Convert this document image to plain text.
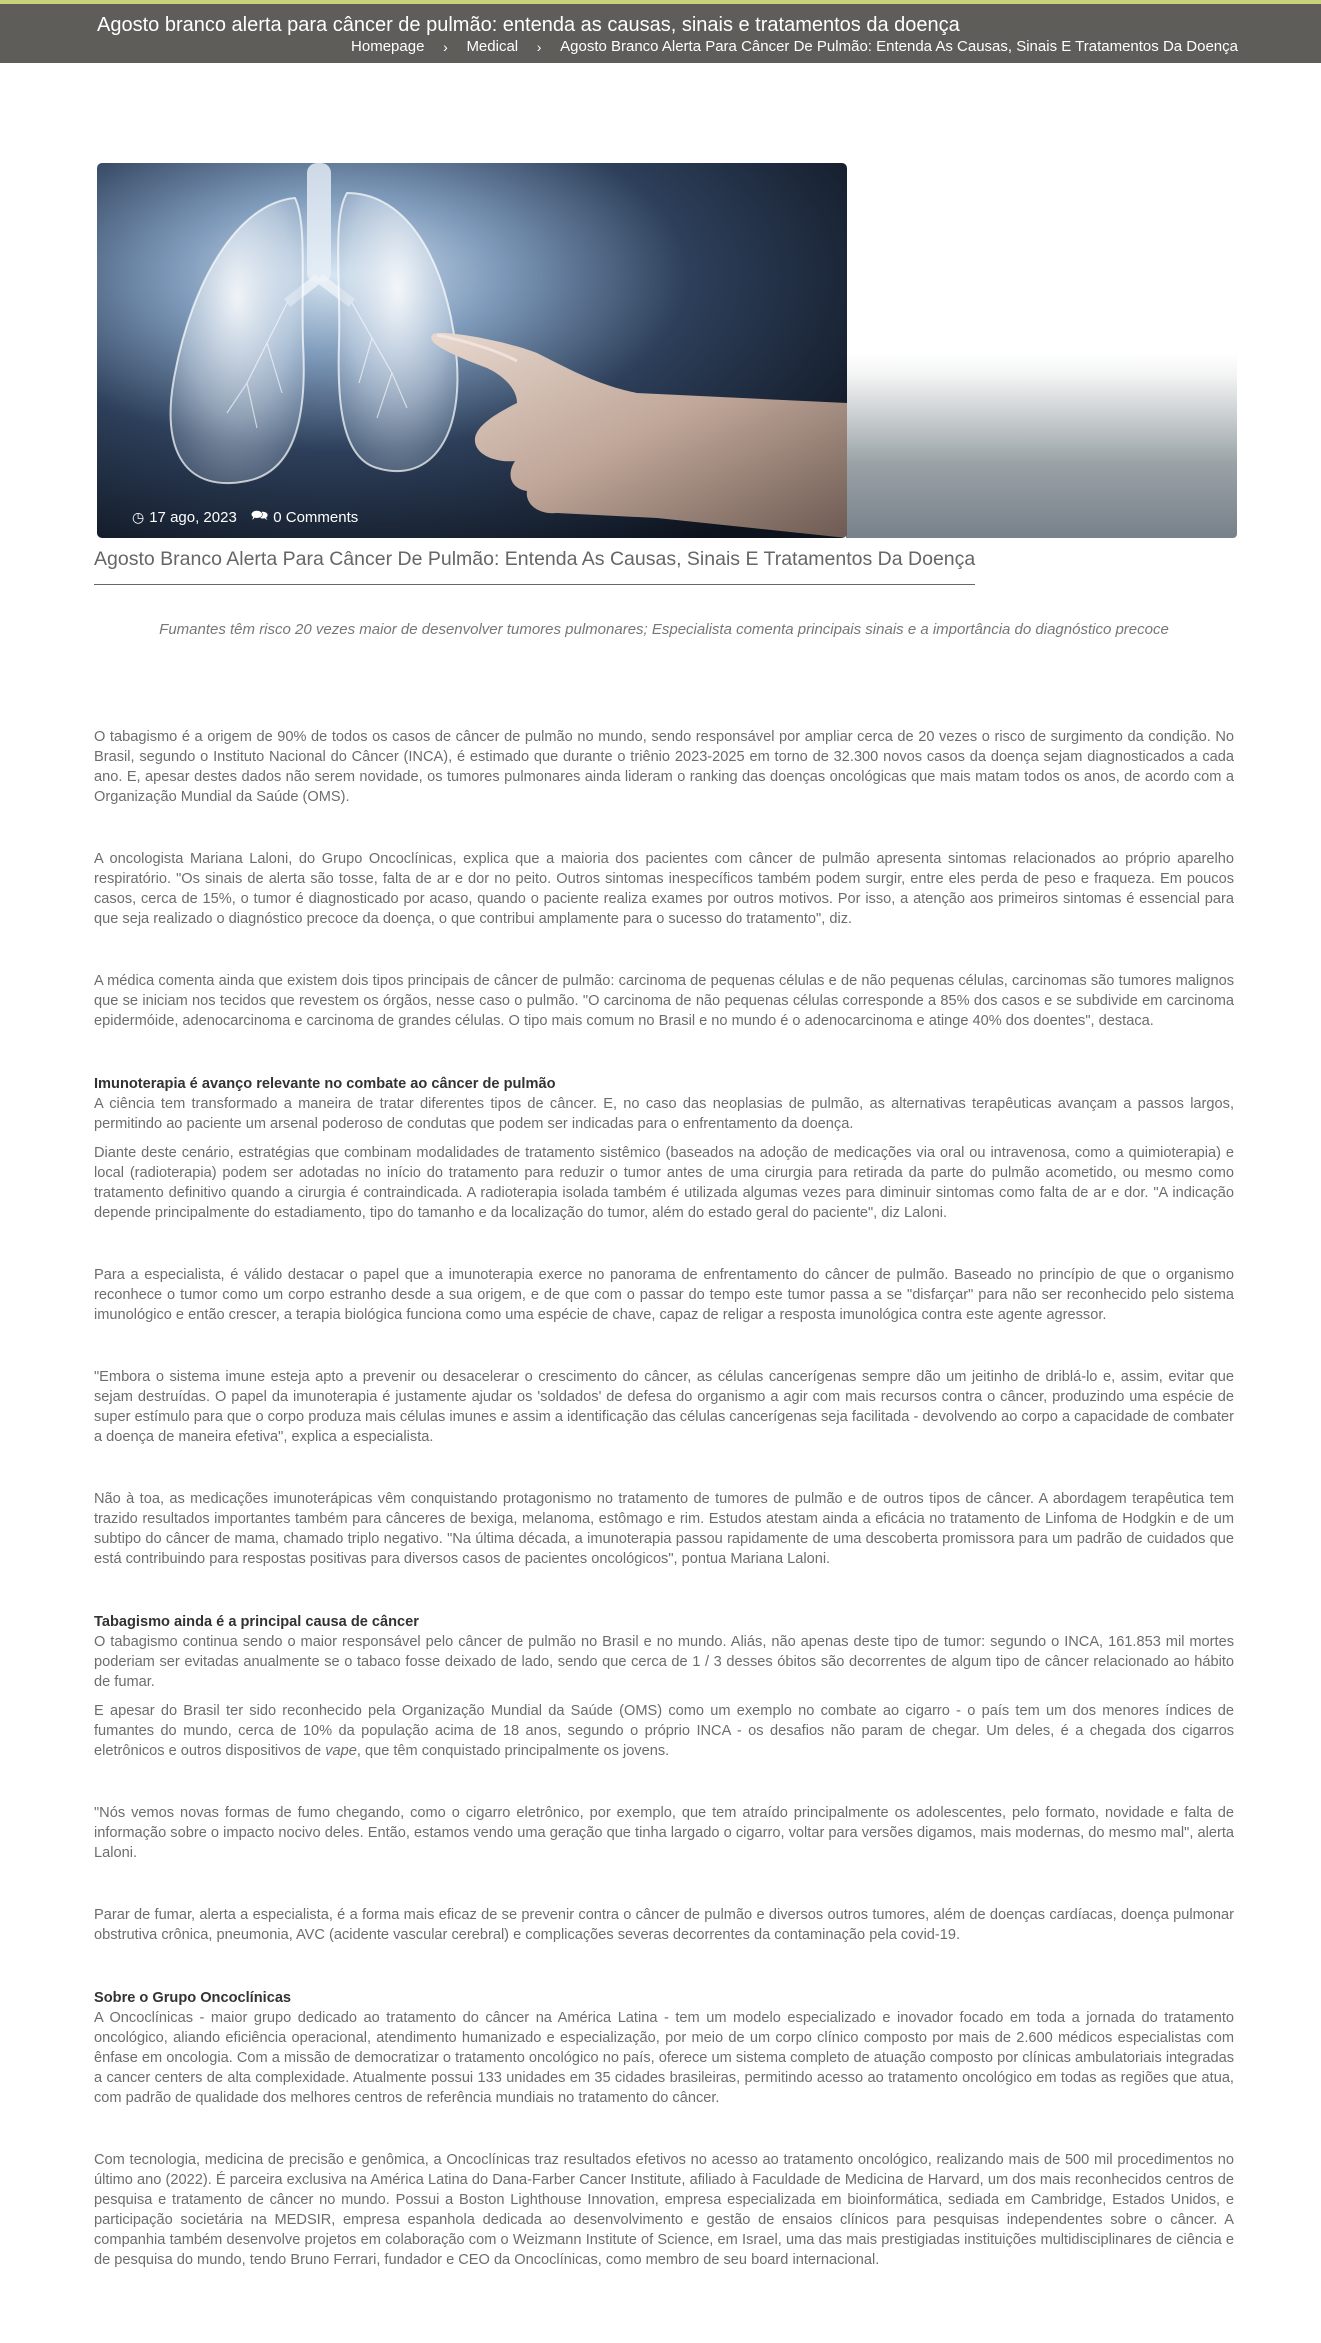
Agosto branco alerta para câncer de pulmão: entenda as causas, sinais e tratamentos da doença
Homepage	›	Medical	›	Agosto Branco Alerta Para Câncer De Pulmão: Entenda As Causas, Sinais E Tratamentos Da Doença
◷ 17 ago, 2023 🗪︎ 0 Comments
Agosto Branco Alerta Para Câncer De Pulmão: Entenda As Causas, Sinais E Tratamentos Da Doença
Fumantes têm risco 20 vezes maior de desenvolver tumores pulmonares; Especialista comenta principais sinais e a importância do diagnóstico precoce

O tabagismo é a origem de 90% de todos os casos de câncer de pulmão no mundo, sendo responsável por ampliar cerca de 20 vezes o risco de surgimento da condição. No Brasil, segundo o Instituto Nacional do Câncer (INCA), é estimado que durante o triênio 2023-2025 em torno de 32.300 novos casos da doença sejam diagnosticados a cada ano. E, apesar destes dados não serem novidade, os tumores pulmonares ainda lideram o ranking das doenças oncológicas que mais matam todos os anos, de acordo com a Organização Mundial da Saúde (OMS).

A oncologista Mariana Laloni, do Grupo Oncoclínicas, explica que a maioria dos pacientes com câncer de pulmão apresenta sintomas relacionados ao próprio aparelho respiratório. "Os sinais de alerta são tosse, falta de ar e dor no peito. Outros sintomas inespecíficos também podem surgir, entre eles perda de peso e fraqueza. Em poucos casos, cerca de 15%, o tumor é diagnosticado por acaso, quando o paciente realiza exames por outros motivos. Por isso, a atenção aos primeiros sintomas é essencial para que seja realizado o diagnóstico precoce da doença, o que contribui amplamente para o sucesso do tratamento", diz.

A médica comenta ainda que existem dois tipos principais de câncer de pulmão: carcinoma de pequenas células e de não pequenas células, carcinomas são tumores malignos que se iniciam nos tecidos que revestem os órgãos, nesse caso o pulmão. "O carcinoma de não pequenas células corresponde a 85% dos casos e se subdivide em carcinoma epidermóide, adenocarcinoma e carcinoma de grandes células. O tipo mais comum no Brasil e no mundo é o adenocarcinoma e atinge 40% dos doentes", destaca.

Imunoterapia é avanço relevante no combate ao câncer de pulmão

A ciência tem transformado a maneira de tratar diferentes tipos de câncer. E, no caso das neoplasias de pulmão, as alternativas terapêuticas avançam a passos largos, permitindo ao paciente um arsenal poderoso de condutas que podem ser indicadas para o enfrentamento da doença.

Diante deste cenário, estratégias que combinam modalidades de tratamento sistêmico (baseados na adoção de medicações via oral ou intravenosa, como a quimioterapia) e local (radioterapia) podem ser adotadas no início do tratamento para reduzir o tumor antes de uma cirurgia para retirada da parte do pulmão acometido, ou mesmo como tratamento definitivo quando a cirurgia é contraindicada. A radioterapia isolada também é utilizada algumas vezes para diminuir sintomas como falta de ar e dor. "A indicação depende principalmente do estadiamento, tipo do tamanho e da localização do tumor, além do estado geral do paciente", diz Laloni.

Para a especialista, é válido destacar o papel que a imunoterapia exerce no panorama de enfrentamento do câncer de pulmão. Baseado no princípio de que o organismo reconhece o tumor como um corpo estranho desde a sua origem, e de que com o passar do tempo este tumor passa a se "disfarçar" para não ser reconhecido pelo sistema imunológico e então crescer, a terapia biológica funciona como uma espécie de chave, capaz de religar a resposta imunológica contra este agente agressor.

"Embora o sistema imune esteja apto a prevenir ou desacelerar o crescimento do câncer, as células cancerígenas sempre dão um jeitinho de driblá-lo e, assim, evitar que sejam destruídas. O papel da imunoterapia é justamente ajudar os 'soldados' de defesa do organismo a agir com mais recursos contra o câncer, produzindo uma espécie de super estímulo para que o corpo produza mais células imunes e assim a identificação das células cancerígenas seja facilitada - devolvendo ao corpo a capacidade de combater a doença de maneira efetiva", explica a especialista.

Não à toa, as medicações imunoterápicas vêm conquistando protagonismo no tratamento de tumores de pulmão e de outros tipos de câncer. A abordagem terapêutica tem trazido resultados importantes também para cânceres de bexiga, melanoma, estômago e rim. Estudos atestam ainda a eficácia no tratamento de Linfoma de Hodgkin e de um subtipo do câncer de mama, chamado triplo negativo. "Na última década, a imunoterapia passou rapidamente de uma descoberta promissora para um padrão de cuidados que está contribuindo para respostas positivas para diversos casos de pacientes oncológicos", pontua Mariana Laloni.

Tabagismo ainda é a principal causa de câncer

O tabagismo continua sendo o maior responsável pelo câncer de pulmão no Brasil e no mundo. Aliás, não apenas deste tipo de tumor: segundo o INCA, 161.853 mil mortes poderiam ser evitadas anualmente se o tabaco fosse deixado de lado, sendo que cerca de 1 / 3 desses óbitos são decorrentes de algum tipo de câncer relacionado ao hábito de fumar.

E apesar do Brasil ter sido reconhecido pela Organização Mundial da Saúde (OMS) como um exemplo no combate ao cigarro - o país tem um dos menores índices de fumantes do mundo, cerca de 10% da população acima de 18 anos, segundo o próprio INCA - os desafios não param de chegar. Um deles, é a chegada dos cigarros eletrônicos e outros dispositivos de vape, que têm conquistado principalmente os jovens.

"Nós vemos novas formas de fumo chegando, como o cigarro eletrônico, por exemplo, que tem atraído principalmente os adolescentes, pelo formato, novidade e falta de informação sobre o impacto nocivo deles. Então, estamos vendo uma geração que tinha largado o cigarro, voltar para versões digamos, mais modernas, do mesmo mal", alerta Laloni.

Parar de fumar, alerta a especialista, é a forma mais eficaz de se prevenir contra o câncer de pulmão e diversos outros tumores, além de doenças cardíacas, doença pulmonar obstrutiva crônica, pneumonia, AVC (acidente vascular cerebral) e complicações severas decorrentes da contaminação pela covid-19.

Sobre o Grupo Oncoclínicas

A Oncoclínicas - maior grupo dedicado ao tratamento do câncer na América Latina - tem um modelo especializado e inovador focado em toda a jornada do tratamento oncológico, aliando eficiência operacional, atendimento humanizado e especialização, por meio de um corpo clínico composto por mais de 2.600 médicos especialistas com ênfase em oncologia. Com a missão de democratizar o tratamento oncológico no país, oferece um sistema completo de atuação composto por clínicas ambulatoriais integradas a cancer centers de alta complexidade. Atualmente possui 133 unidades em 35 cidades brasileiras, permitindo acesso ao tratamento oncológico em todas as regiões que atua, com padrão de qualidade dos melhores centros de referência mundiais no tratamento do câncer.

Com tecnologia, medicina de precisão e genômica, a Oncoclínicas traz resultados efetivos no acesso ao tratamento oncológico, realizando mais de 500 mil procedimentos no último ano (2022). É parceira exclusiva na América Latina do Dana-Farber Cancer Institute, afiliado à Faculdade de Medicina de Harvard, um dos mais reconhecidos centros de pesquisa e tratamento de câncer no mundo. Possui a Boston Lighthouse Innovation, empresa especializada em bioinformática, sediada em Cambridge, Estados Unidos, e participação societária na MEDSIR, empresa espanhola dedicada ao desenvolvimento e gestão de ensaios clínicos para pesquisas independentes sobre o câncer. A companhia também desenvolve projetos em colaboração com o Weizmann Institute of Science, em Israel, uma das mais prestigiadas instituições multidisciplinares de ciência e de pesquisa do mundo, tendo Bruno Ferrari, fundador e CEO da Oncoclínicas, como membro de seu board internacional.
